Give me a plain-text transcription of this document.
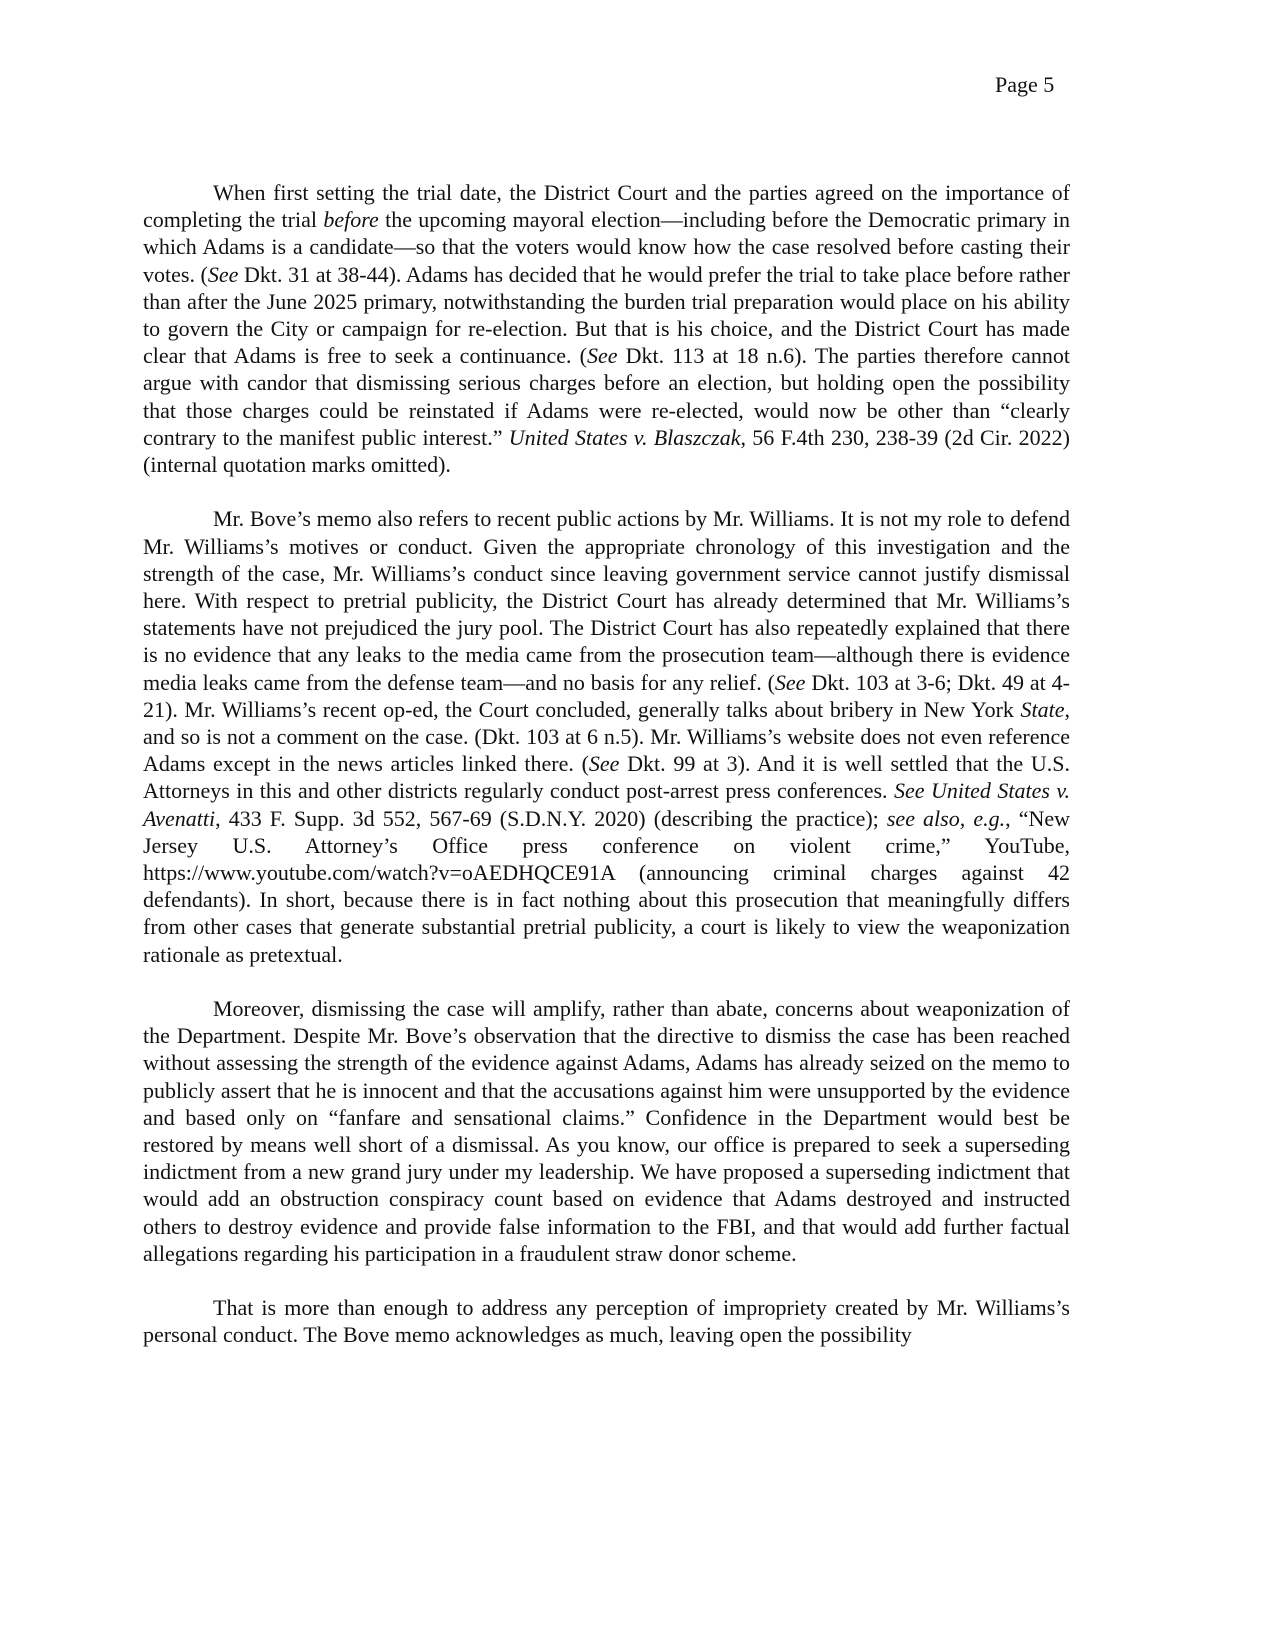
Page 5

When first setting the trial date, the District Court and the parties agreed on the importance of completing the trial before the upcoming mayoral election—including before the Democratic primary in which Adams is a candidate—so that the voters would know how the case resolved before casting their votes. (See Dkt. 31 at 38-44). Adams has decided that he would prefer the trial to take place before rather than after the June 2025 primary, notwithstanding the burden trial preparation would place on his ability to govern the City or campaign for re-election. But that is his choice, and the District Court has made clear that Adams is free to seek a continuance. (See Dkt. 113 at 18 n.6). The parties therefore cannot argue with candor that dismissing serious charges before an election, but holding open the possibility that those charges could be reinstated if Adams were re-elected, would now be other than “clearly contrary to the manifest public interest.” United States v. Blaszczak, 56 F.4th 230, 238-39 (2d Cir. 2022) (internal quotation marks omitted).

Mr. Bove’s memo also refers to recent public actions by Mr. Williams. It is not my role to defend Mr. Williams’s motives or conduct. Given the appropriate chronology of this investigation and the strength of the case, Mr. Williams’s conduct since leaving government service cannot justify dismissal here. With respect to pretrial publicity, the District Court has already determined that Mr. Williams’s statements have not prejudiced the jury pool. The District Court has also repeatedly explained that there is no evidence that any leaks to the media came from the prosecution team—although there is evidence media leaks came from the defense team—and no basis for any relief. (See Dkt. 103 at 3-6; Dkt. 49 at 4-21). Mr. Williams’s recent op-ed, the Court concluded, generally talks about bribery in New York State, and so is not a comment on the case. (Dkt. 103 at 6 n.5). Mr. Williams’s website does not even reference Adams except in the news articles linked there. (See Dkt. 99 at 3). And it is well settled that the U.S. Attorneys in this and other districts regularly conduct post-arrest press conferences. See United States v. Avenatti, 433 F. Supp. 3d 552, 567-69 (S.D.N.Y. 2020) (describing the practice); see also, e.g., “New Jersey U.S. Attorney’s Office press conference on violent crime,” YouTube, https://www.youtube.com/watch?v=oAEDHQCE91A (announcing criminal charges against 42 defendants). In short, because there is in fact nothing about this prosecution that meaningfully differs from other cases that generate substantial pretrial publicity, a court is likely to view the weaponization rationale as pretextual.

Moreover, dismissing the case will amplify, rather than abate, concerns about weaponization of the Department. Despite Mr. Bove’s observation that the directive to dismiss the case has been reached without assessing the strength of the evidence against Adams, Adams has already seized on the memo to publicly assert that he is innocent and that the accusations against him were unsupported by the evidence and based only on “fanfare and sensational claims.” Confidence in the Department would best be restored by means well short of a dismissal. As you know, our office is prepared to seek a superseding indictment from a new grand jury under my leadership. We have proposed a superseding indictment that would add an obstruction conspiracy count based on evidence that Adams destroyed and instructed others to destroy evidence and provide false information to the FBI, and that would add further factual allegations regarding his participation in a fraudulent straw donor scheme.

That is more than enough to address any perception of impropriety created by Mr. Williams’s personal conduct. The Bove memo acknowledges as much, leaving open the possibility
